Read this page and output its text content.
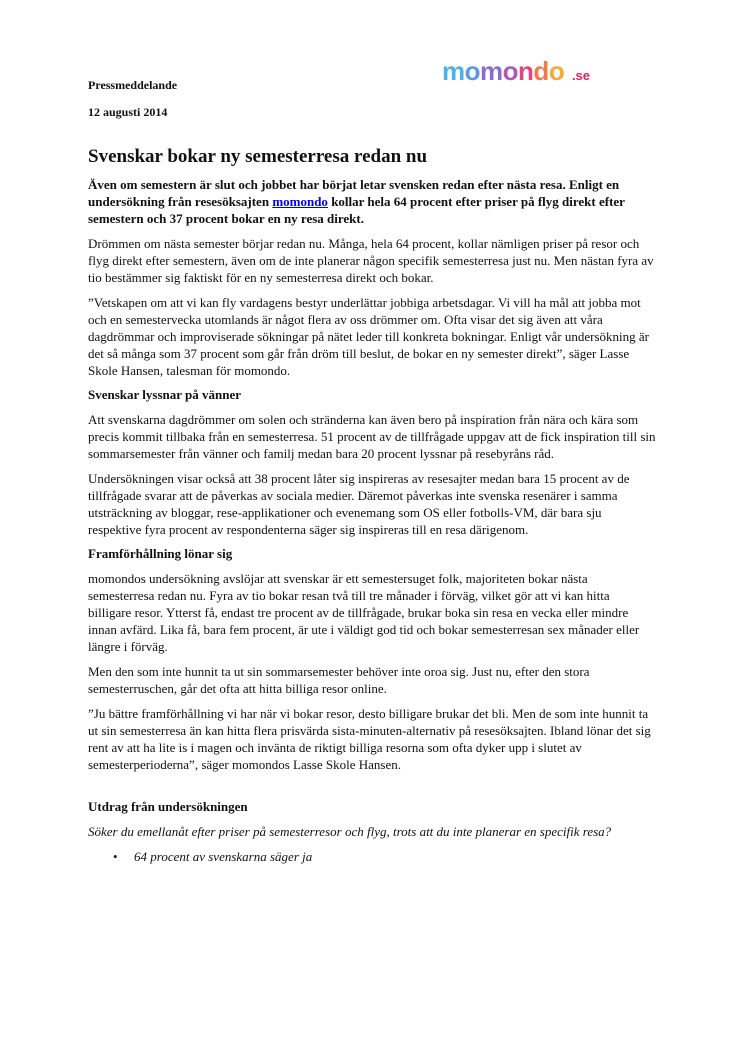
momondo .se
Pressmeddelande
12 augusti 2014
Svenskar bokar ny semesterresa redan nu

Även om semestern är slut och jobbet har börjat letar svensken redan efter nästa resa. Enligt en undersökning från resesöksajten momondo kollar hela 64 procent efter priser på flyg direkt efter semestern och 37 procent bokar en ny resa direkt.

Drömmen om nästa semester börjar redan nu. Många, hela 64 procent, kollar nämligen priser på resor och flyg direkt efter semestern, även om de inte planerar någon specifik semesterresa just nu. Men nästan fyra av tio bestämmer sig faktiskt för en ny semesterresa direkt och bokar.

”Vetskapen om att vi kan fly vardagens bestyr underlättar jobbiga arbetsdagar. Vi vill ha mål att jobba mot och en semestervecka utomlands är något flera av oss drömmer om. Ofta visar det sig även att våra dagdrömmar och improviserade sökningar på nätet leder till konkreta bokningar. Enligt vår undersökning är det så många som 37 procent som går från dröm till beslut, de bokar en ny semester direkt”, säger Lasse Skole Hansen, talesman för momondo.

Svenskar lyssnar på vänner

Att svenskarna dagdrömmer om solen och stränderna kan även bero på inspiration från nära och kära som precis kommit tillbaka från en semesterresa. 51 procent av de tillfrågade uppgav att de fick inspiration till sin sommarsemester från vänner och familj medan bara 20 procent lyssnar på resebyråns råd.

Undersökningen visar också att 38 procent låter sig inspireras av resesajter medan bara 15 procent av de tillfrågade svarar att de påverkas av sociala medier. Däremot påverkas inte svenska resenärer i samma utsträckning av bloggar, rese-applikationer och evenemang som OS eller fotbolls-VM, där bara sju respektive fyra procent av respondenterna säger sig inspireras till en resa därigenom.

Framförhållning lönar sig

momondos undersökning avslöjar att svenskar är ett semestersuget folk, majoriteten bokar nästa semesterresa redan nu. Fyra av tio bokar resan två till tre månader i förväg, vilket gör att vi kan hitta billigare resor. Ytterst få, endast tre procent av de tillfrågade, brukar boka sin resa en vecka eller mindre innan avfärd. Lika få, bara fem procent, är ute i väldigt god tid och bokar semesterresan sex månader eller längre i förväg.

Men den som inte hunnit ta ut sin sommarsemester behöver inte oroa sig. Just nu, efter den stora semesterruschen, går det ofta att hitta billiga resor online.

”Ju bättre framförhållning vi har när vi bokar resor, desto billigare brukar det bli. Men de som inte hunnit ta ut sin semesterresa än kan hitta flera prisvärda sista-minuten-alternativ på resesöksajten. Ibland lönar det sig rent av att ha lite is i magen och invänta de riktigt billiga resorna som ofta dyker upp i slutet av semesterperioderna”, säger momondos Lasse Skole Hansen.

Utdrag från undersökningen

Söker du emellanåt efter priser på semesterresor och flyg, trots att du inte planerar en specifik resa?

• 64 procent av svenskarna säger ja
